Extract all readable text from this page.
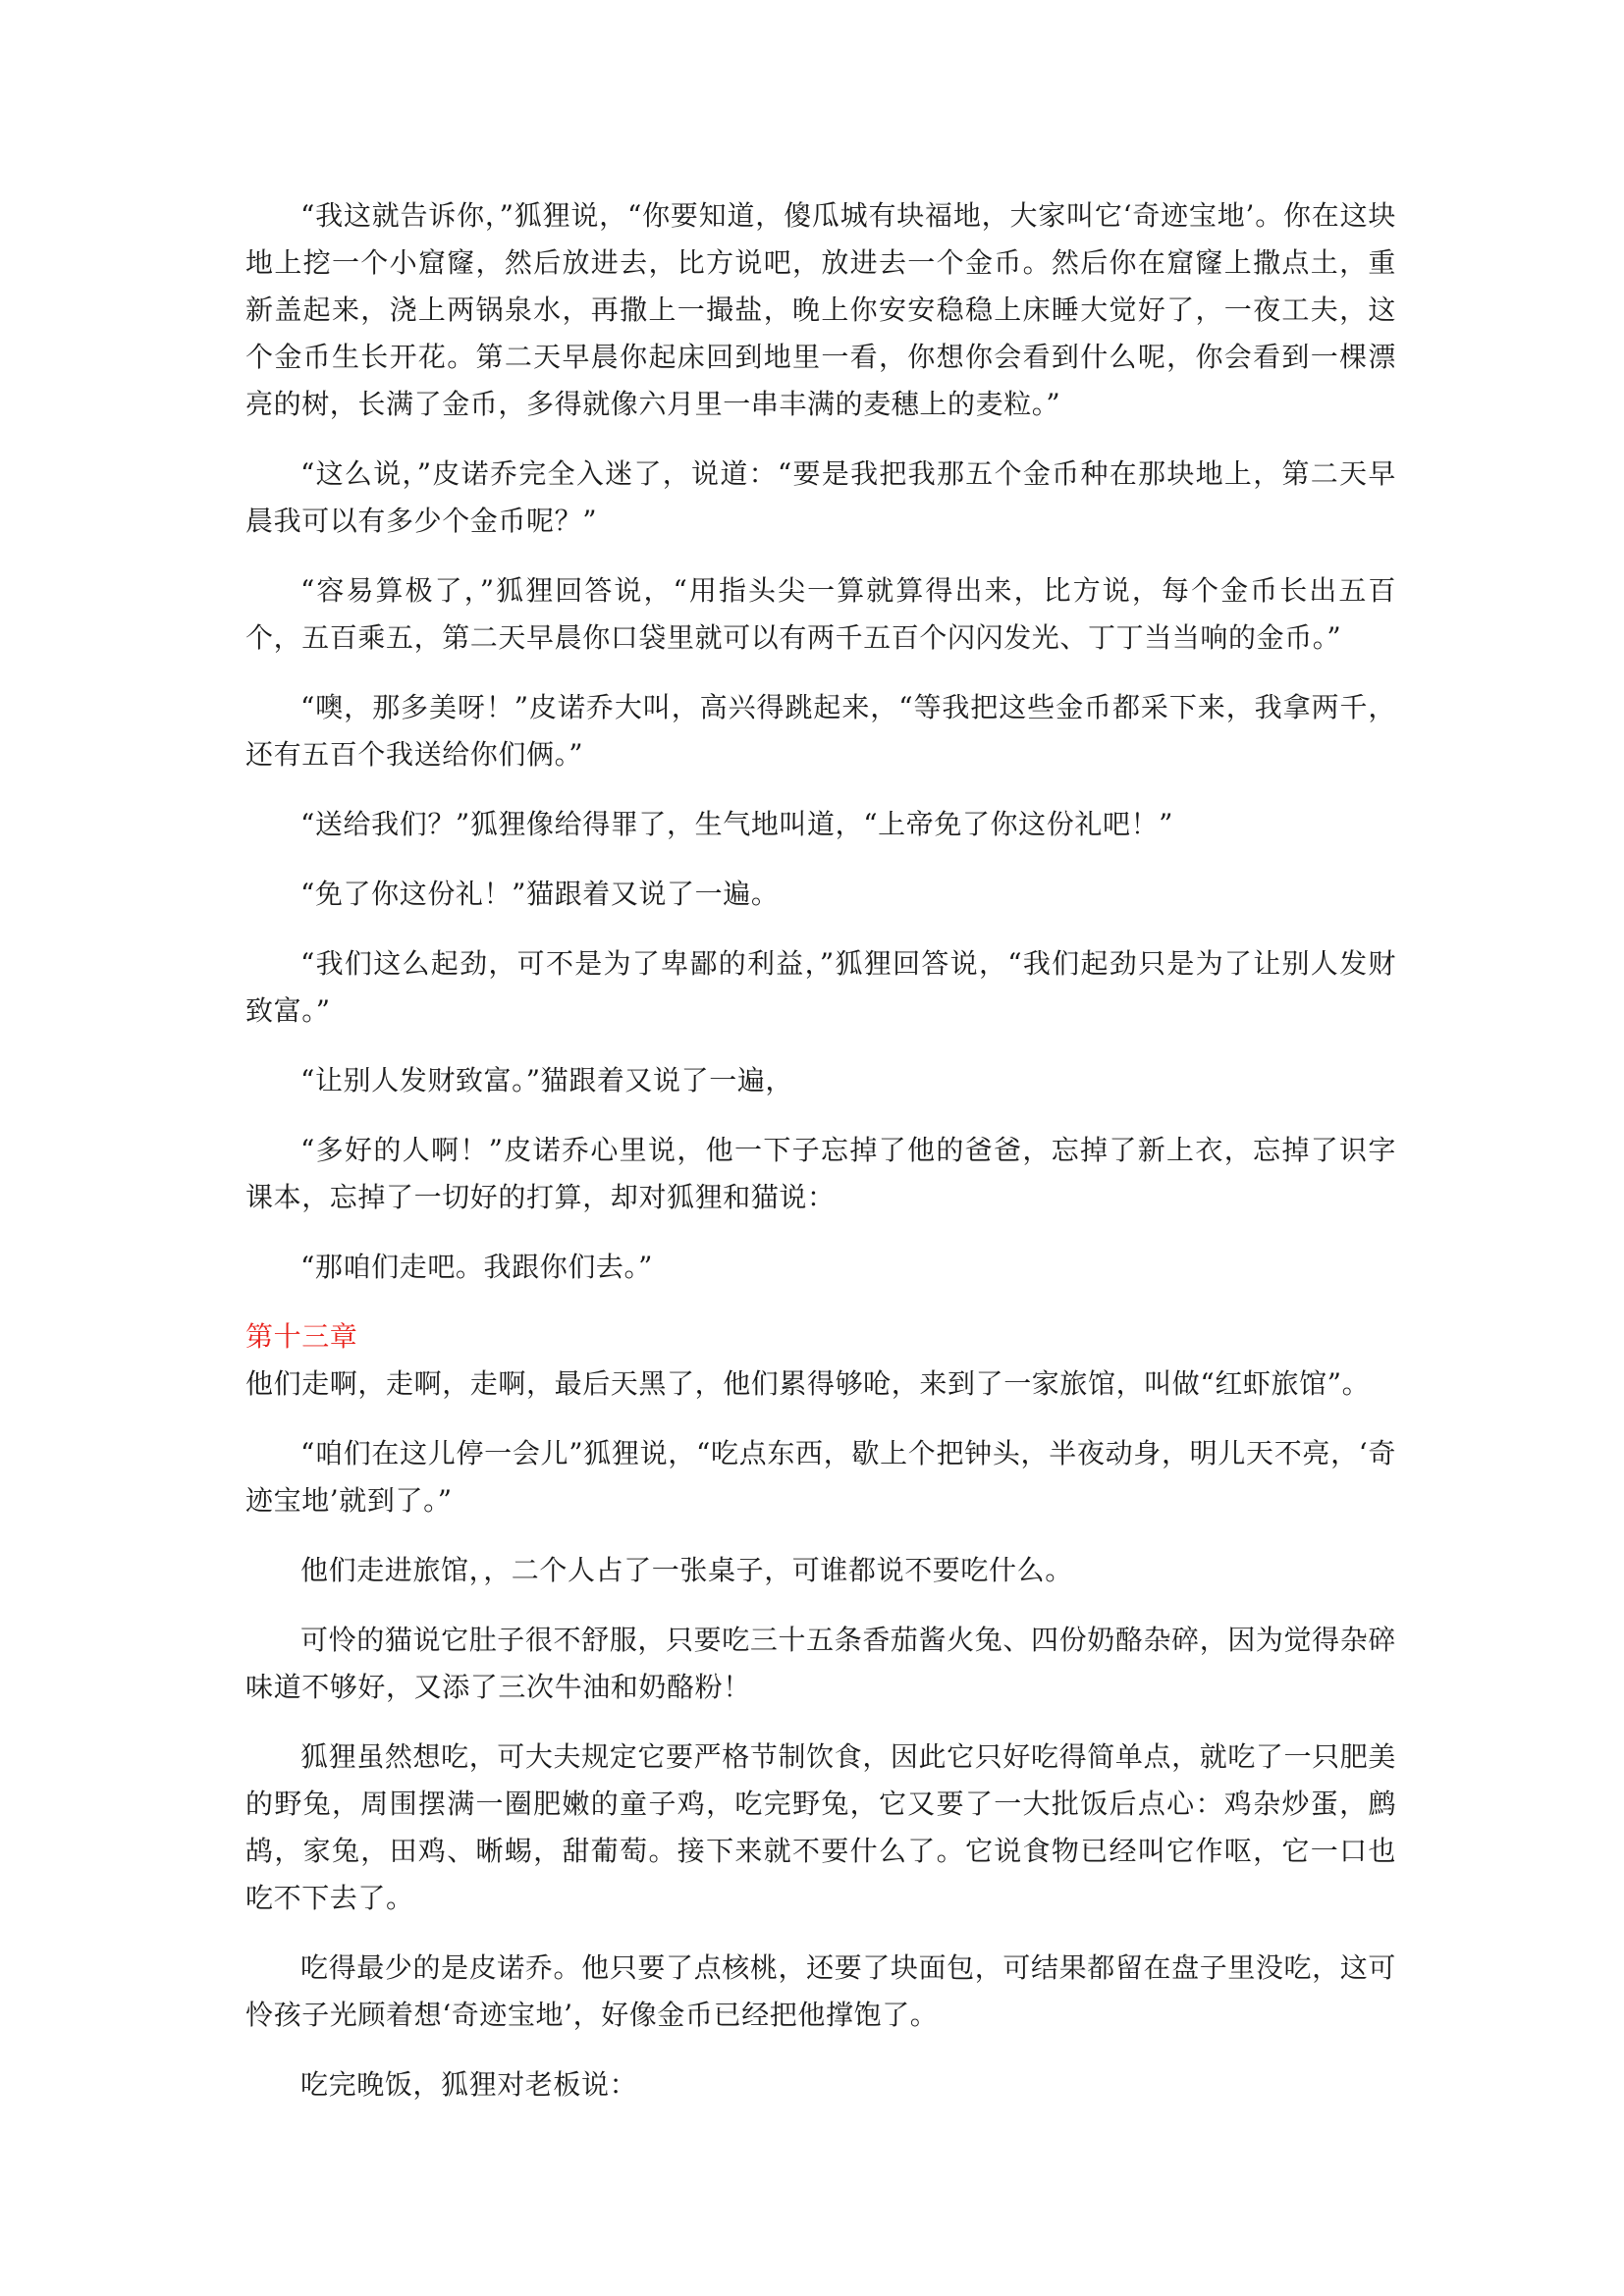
“我这就告诉你，”狐狸说，“你要知道，傻瓜城有块福地，大家叫它‘奇迹宝地’。你在这块地上挖一个小窟窿，然后放进去，比方说吧，放进去一个金币。然后你在窟窿上撒点土，重新盖起来，浇上两锅泉水，再撒上一撮盐，晚上你安安稳稳上床睡大觉好了，一夜工夫，这个金币生长开花。第二天早晨你起床回到地里一看，你想你会看到什么呢，你会看到一棵漂亮的树，长满了金币，多得就像六月里一串丰满的麦穗上的麦粒。”

“这么说，”皮诺乔完全入迷了，说道：“要是我把我那五个金币种在那块地上，第二天早晨我可以有多少个金币呢？”

“容易算极了，”狐狸回答说，“用指头尖一算就算得出来，比方说，每个金币长出五百个，五百乘五，第二天早晨你口袋里就可以有两千五百个闪闪发光、丁丁当当响的金币。”

“噢，那多美呀！”皮诺乔大叫，高兴得跳起来，“等我把这些金币都采下来，我拿两千，还有五百个我送给你们俩。”

“送给我们？”狐狸像给得罪了，生气地叫道，“上帝免了你这份礼吧！”

“免了你这份礼！”猫跟着又说了一遍。

“我们这么起劲，可不是为了卑鄙的利益，”狐狸回答说，“我们起劲只是为了让别人发财致富。”

“让别人发财致富。”猫跟着又说了一遍，

“多好的人啊！”皮诺乔心里说，他一下子忘掉了他的爸爸，忘掉了新上衣，忘掉了识字课本，忘掉了一切好的打算，却对狐狸和猫说：

“那咱们走吧。我跟你们去。”

第十三章

他们走啊，走啊，走啊，最后天黑了，他们累得够呛，来到了一家旅馆，叫做“红虾旅馆”。

“咱们在这儿停一会儿”狐狸说，“吃点东西，歇上个把钟头，半夜动身，明儿天不亮，‘奇迹宝地’就到了。”

他们走进旅馆，，二个人占了一张桌子，可谁都说不要吃什么。

可怜的猫说它肚子很不舒服，只要吃三十五条香茄酱火兔、四份奶酪杂碎，因为觉得杂碎味道不够好，又添了三次牛油和奶酪粉！

狐狸虽然想吃，可大夫规定它要严格节制饮食，因此它只好吃得简单点，就吃了一只肥美的野兔，周围摆满一圈肥嫩的童子鸡，吃完野兔，它又要了一大批饭后点心：鸡杂炒蛋，鹧鸪，家兔，田鸡、晰蜴，甜葡萄。接下来就不要什么了。它说食物已经叫它作呕，它一口也吃不下去了。

吃得最少的是皮诺乔。他只要了点核桃，还要了块面包，可结果都留在盘子里没吃，这可怜孩子光顾着想‘奇迹宝地’，好像金币已经把他撑饱了。

吃完晚饭，狐狸对老板说：
